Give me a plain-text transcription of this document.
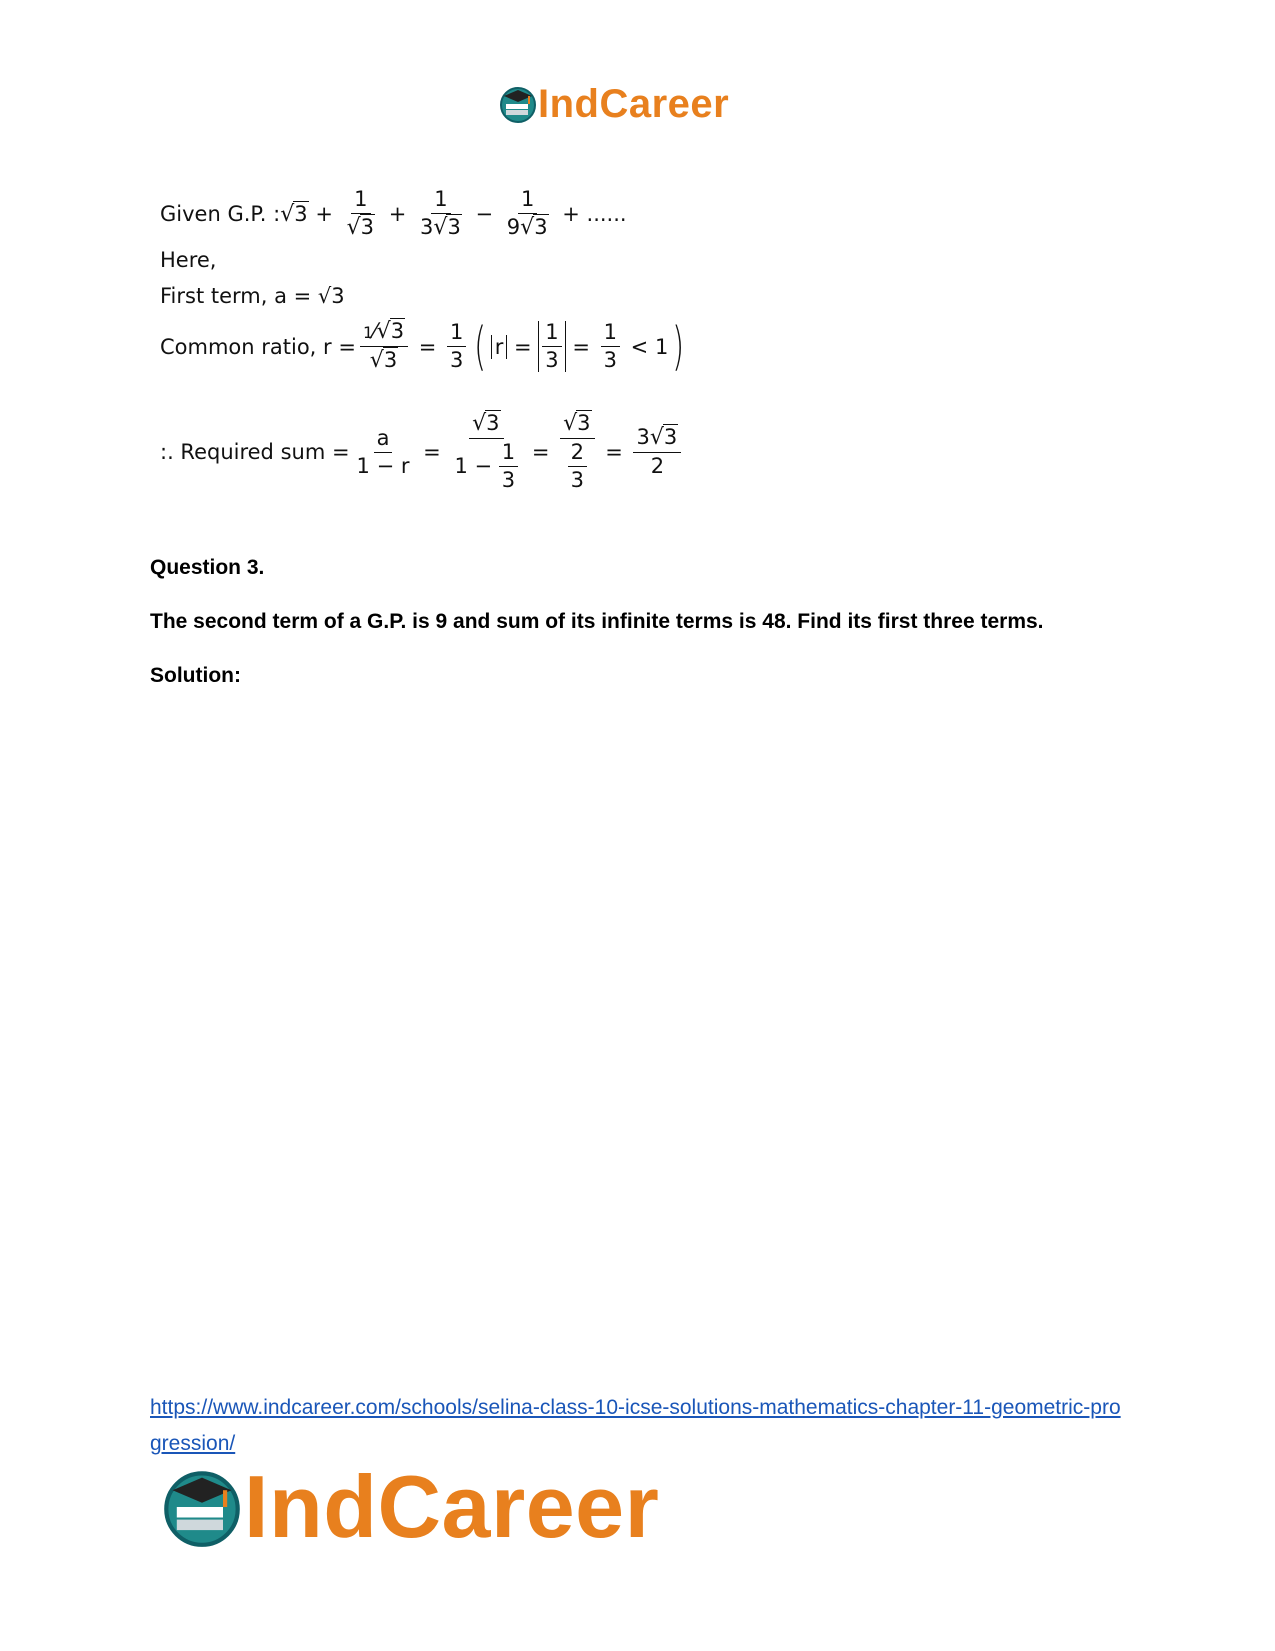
IndCareer
Given G.P. : $√3 + \frac{1}{√3} + \frac{1}{3√3} - \frac{1}{9√3}$ + ......
Here,
First term, a = √3
Common ratio, $r = \frac{1⁄√3}{√3} = \frac{1}{3}$ ( $r = \frac{1}{3} = \frac{1}{3} < 1$ )
:. Required sum = $\frac{a}{1 - r} = \frac{√3}{1 - \frac{1}{3}} = \frac{√3}{\frac{2}{3}} = \frac{3√3}{2}$
Question 3.
The second term of a G.P. is 9 and sum of its infinite terms is 48. Find its first three terms.
Solution:
https://www.indcareer.com/schools/selina-class-10-icse-solutions-mathematics-chapter-11-geometric-progression/
IndCareer
